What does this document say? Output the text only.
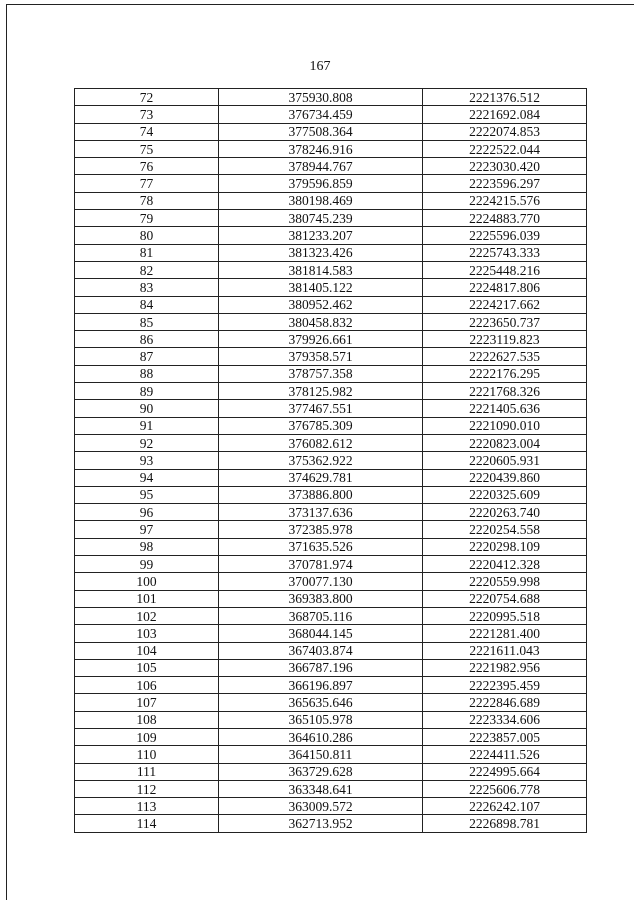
167
72	375930.808	2221376.512
73	376734.459	2221692.084
74	377508.364	2222074.853
75	378246.916	2222522.044
76	378944.767	2223030.420
77	379596.859	2223596.297
78	380198.469	2224215.576
79	380745.239	2224883.770
80	381233.207	2225596.039
81	381323.426	2225743.333
82	381814.583	2225448.216
83	381405.122	2224817.806
84	380952.462	2224217.662
85	380458.832	2223650.737
86	379926.661	2223119.823
87	379358.571	2222627.535
88	378757.358	2222176.295
89	378125.982	2221768.326
90	377467.551	2221405.636
91	376785.309	2221090.010
92	376082.612	2220823.004
93	375362.922	2220605.931
94	374629.781	2220439.860
95	373886.800	2220325.609
96	373137.636	2220263.740
97	372385.978	2220254.558
98	371635.526	2220298.109
99	370781.974	2220412.328
100	370077.130	2220559.998
101	369383.800	2220754.688
102	368705.116	2220995.518
103	368044.145	2221281.400
104	367403.874	2221611.043
105	366787.196	2221982.956
106	366196.897	2222395.459
107	365635.646	2222846.689
108	365105.978	2223334.606
109	364610.286	2223857.005
110	364150.811	2224411.526
111	363729.628	2224995.664
112	363348.641	2225606.778
113	363009.572	2226242.107
114	362713.952	2226898.781
